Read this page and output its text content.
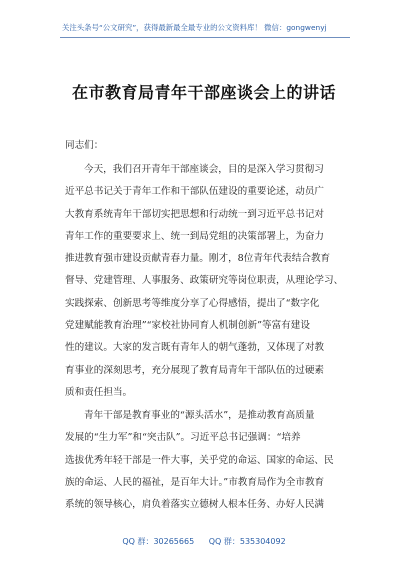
关注头条号“公文研究”，获得最新最全最专业的公文资料库！ 微信：gongwenyj
在市教育局青年干部座谈会上的讲话
同志们：
今天，我们召开青年干部座谈会，目的是深入学习贯彻习
近平总书记关于青年工作和干部队伍建设的重要论述，动员广
大教育系统青年干部切实把思想和行动统一到习近平总书记对
青年工作的重要要求上、统一到局党组的决策部署上，为奋力
推进教育强市建设贡献青春力量。刚才，8位青年代表结合教育
督导、党建管理、人事服务、政策研究等岗位职责，从理论学习、
实践探索、创新思考等维度分享了心得感悟，提出了“数字化
党建赋能教育治理”“家校社协同育人机制创新”等富有建设
性的建议。大家的发言既有青年人的朝气蓬勃，又体现了对教
育事业的深刻思考，充分展现了教育局青年干部队伍的过硬素
质和责任担当。
青年干部是教育事业的“源头活水”，是推动教育高质量
发展的“生力军”和“突击队”。习近平总书记强调：“培养
选拔优秀年轻干部是一件大事，关乎党的命运、国家的命运、民
族的命运、人民的福祉，是百年大计。”市教育局作为全市教育
系统的领导核心，肩负着落实立德树人根本任务、办好人民满
QQ 群：30265665 QQ 群：535304092
